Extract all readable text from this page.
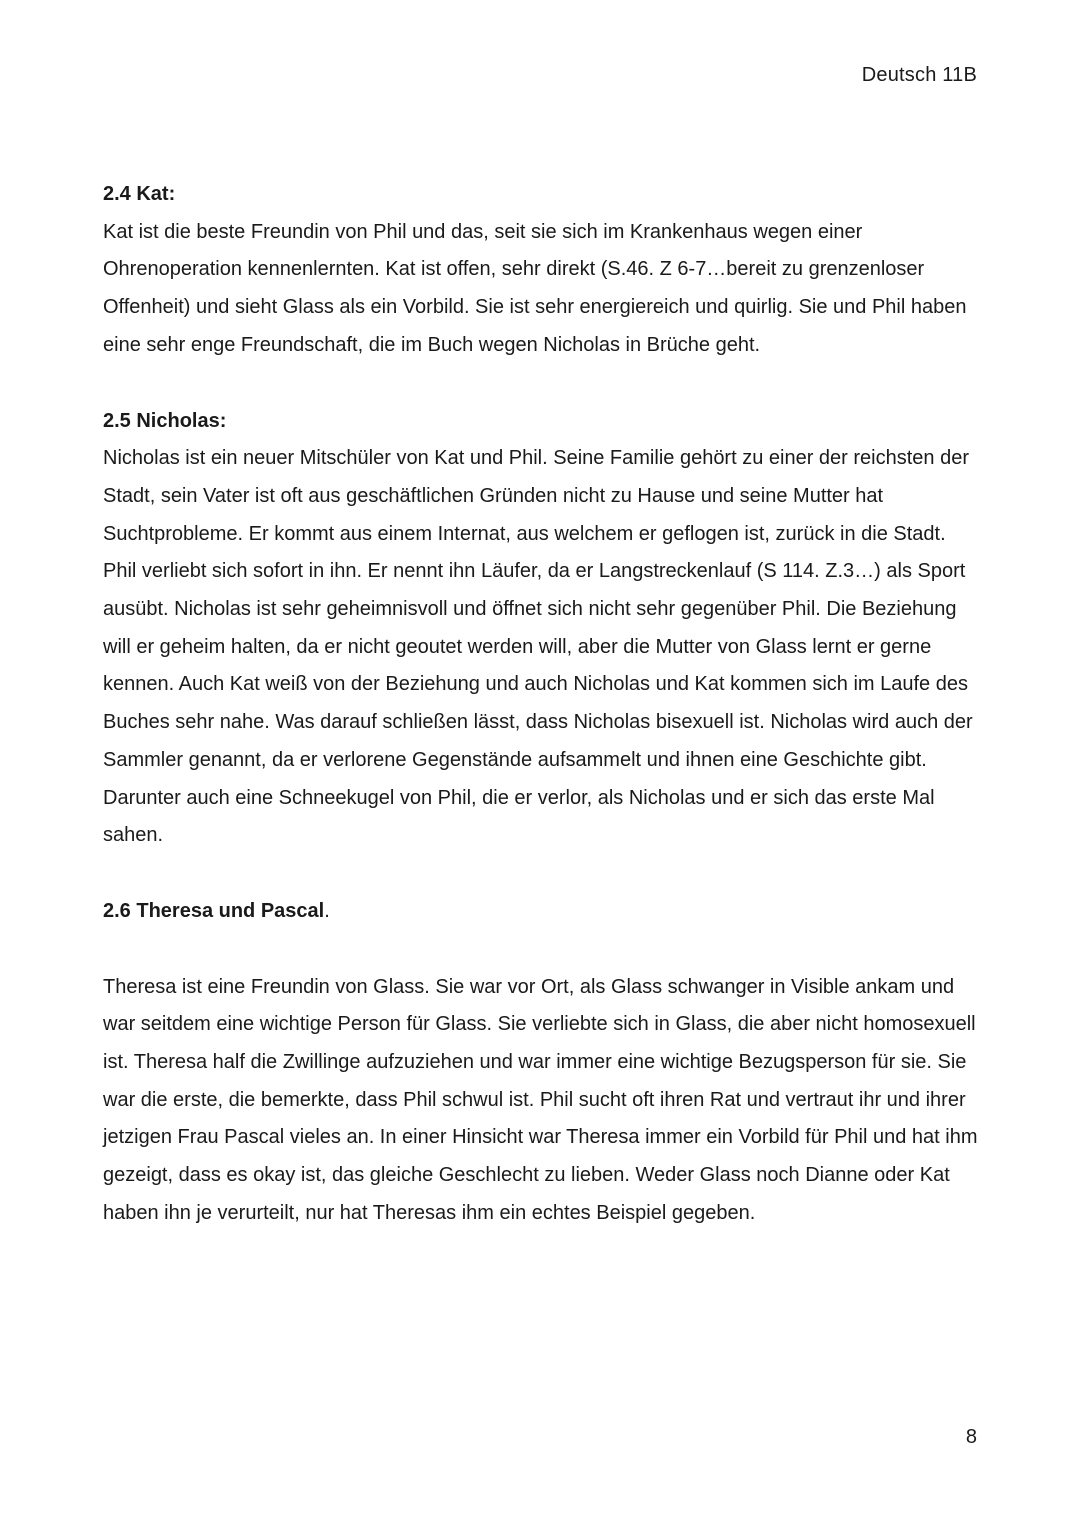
Deutsch 11B

2.4 Kat:

Kat ist die beste Freundin von Phil und das, seit sie sich im Krankenhaus wegen einer Ohrenoperation kennenlernten. Kat ist offen, sehr direkt (S.46. Z 6-7…bereit zu grenzenloser Offenheit) und sieht Glass als ein Vorbild. Sie ist sehr energiereich und quirlig. Sie und Phil haben eine sehr enge Freundschaft, die im Buch wegen Nicholas in Brüche geht.

2.5 Nicholas:

Nicholas ist ein neuer Mitschüler von Kat und Phil. Seine Familie gehört zu einer der reichsten der Stadt, sein Vater ist oft aus geschäftlichen Gründen nicht zu Hause und seine Mutter hat Suchtprobleme. Er kommt aus einem Internat, aus welchem er geflogen ist, zurück in die Stadt. Phil verliebt sich sofort in ihn. Er nennt ihn Läufer, da er Langstreckenlauf (S 114. Z.3…) als Sport ausübt. Nicholas ist sehr geheimnisvoll und öffnet sich nicht sehr gegenüber Phil. Die Beziehung will er geheim halten, da er nicht geoutet werden will, aber die Mutter von Glass lernt er gerne kennen. Auch Kat weiß von der Beziehung und auch Nicholas und Kat kommen sich im Laufe des Buches sehr nahe. Was darauf schließen lässt, dass Nicholas bisexuell ist. Nicholas wird auch der Sammler genannt, da er verlorene Gegenstände aufsammelt und ihnen eine Geschichte gibt. Darunter auch eine Schneekugel von Phil, die er verlor, als Nicholas und er sich das erste Mal sahen.

2.6 Theresa und Pascal.

Theresa ist eine Freundin von Glass. Sie war vor Ort, als Glass schwanger in Visible ankam und war seitdem eine wichtige Person für Glass. Sie verliebte sich in Glass, die aber nicht homosexuell ist. Theresa half die Zwillinge aufzuziehen und war immer eine wichtige Bezugsperson für sie. Sie war die erste, die bemerkte, dass Phil schwul ist. Phil sucht oft ihren Rat und vertraut ihr und ihrer jetzigen Frau Pascal vieles an. In einer Hinsicht war Theresa immer ein Vorbild für Phil und hat ihm gezeigt, dass es okay ist, das gleiche Geschlecht zu lieben. Weder Glass noch Dianne oder Kat haben ihn je verurteilt, nur hat Theresas ihm ein echtes Beispiel gegeben.

8
